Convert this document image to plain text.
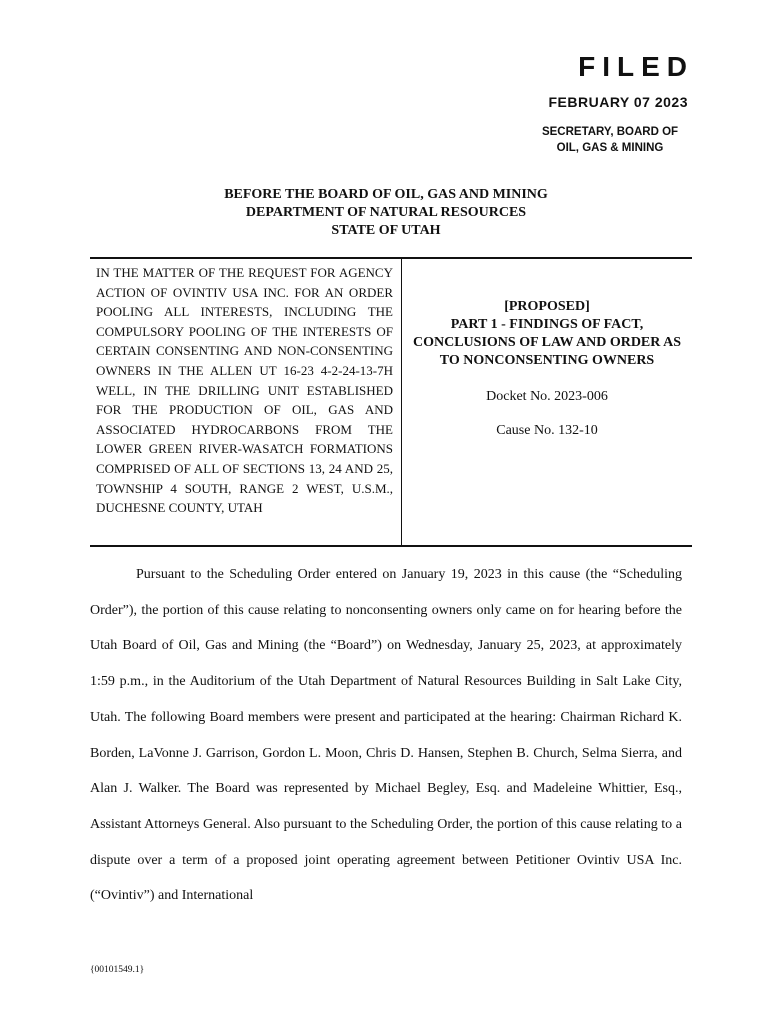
FILED
FEBRUARY 07 2023
SECRETARY, BOARD OF
OIL, GAS & MINING
BEFORE THE BOARD OF OIL, GAS AND MINING
DEPARTMENT OF NATURAL RESOURCES
STATE OF UTAH
IN THE MATTER OF THE REQUEST FOR AGENCY ACTION OF OVINTIV USA INC. FOR AN ORDER POOLING ALL INTERESTS, INCLUDING THE COMPULSORY POOLING OF THE INTERESTS OF CERTAIN CONSENTING AND NON-CONSENTING OWNERS IN THE ALLEN UT 16-23 4-2-24-13-7H WELL, IN THE DRILLING UNIT ESTABLISHED FOR THE PRODUCTION OF OIL, GAS AND ASSOCIATED HYDROCARBONS FROM THE LOWER GREEN RIVER-WASATCH FORMATIONS COMPRISED OF ALL OF SECTIONS 13, 24 AND 25, TOWNSHIP 4 SOUTH, RANGE 2 WEST, U.S.M., DUCHESNE COUNTY, UTAH
[PROPOSED]
PART 1 - FINDINGS OF FACT, CONCLUSIONS OF LAW AND ORDER AS TO NONCONSENTING OWNERS
Docket No. 2023-006
Cause No. 132-10

Pursuant to the Scheduling Order entered on January 19, 2023 in this cause (the “Scheduling Order”), the portion of this cause relating to nonconsenting owners only came on for hearing before the Utah Board of Oil, Gas and Mining (the “Board”) on Wednesday, January 25, 2023, at approximately 1:59 p.m., in the Auditorium of the Utah Department of Natural Resources Building in Salt Lake City, Utah. The following Board members were present and participated at the hearing: Chairman Richard K. Borden, LaVonne J. Garrison, Gordon L. Moon, Chris D. Hansen, Stephen B. Church, Selma Sierra, and Alan J. Walker. The Board was represented by Michael Begley, Esq. and Madeleine Whittier, Esq., Assistant Attorneys General. Also pursuant to the Scheduling Order, the portion of this cause relating to a dispute over a term of a proposed joint operating agreement between Petitioner Ovintiv USA Inc. (“Ovintiv”) and International

{00101549.1}
